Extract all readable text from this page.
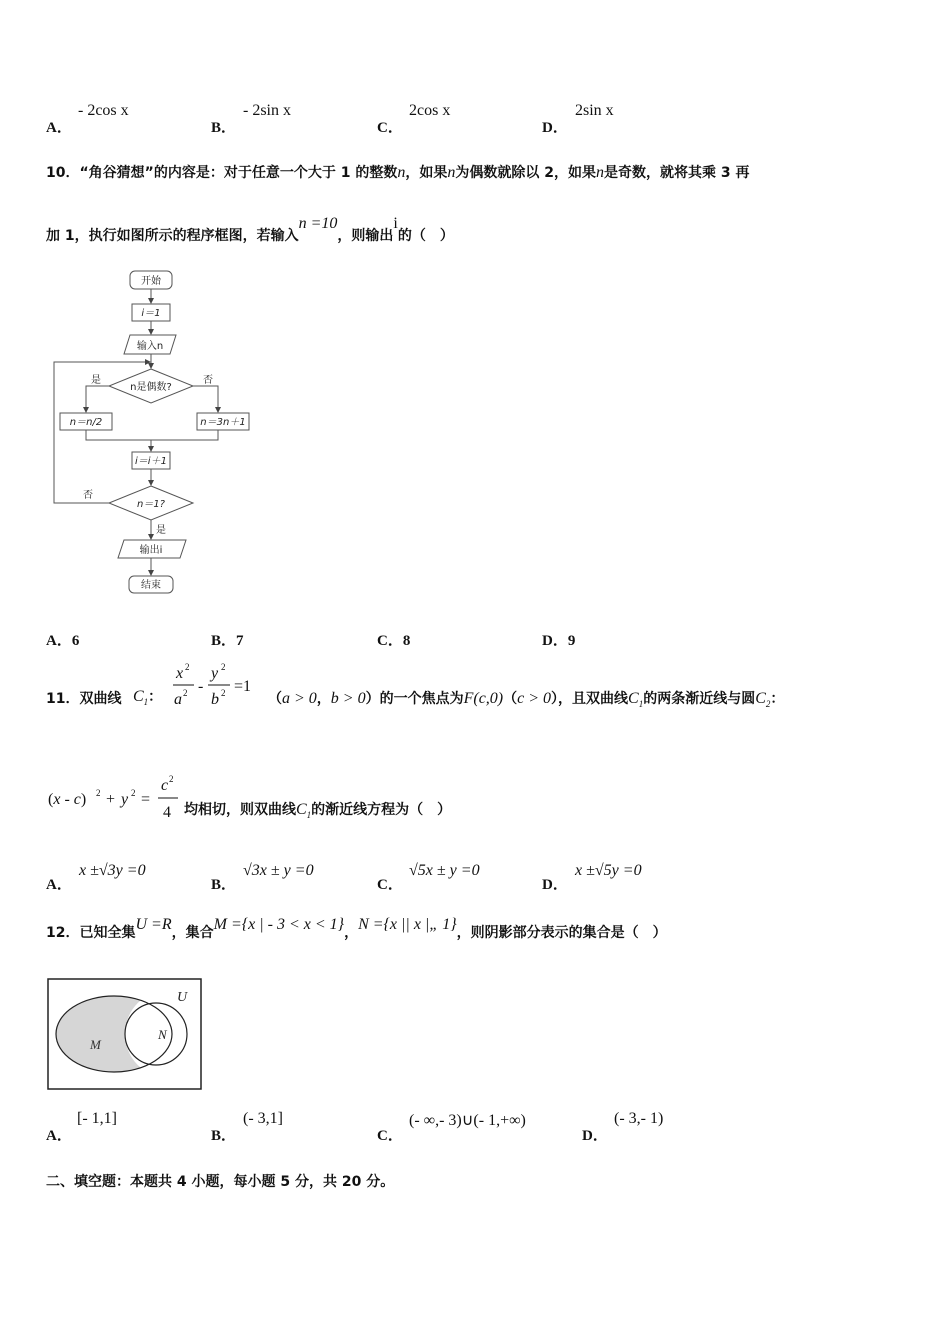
A．
- 2cos x
B．
- 2sin x
C．
2cos x
D．
2sin x
10．“角谷猜想”的内容是：对于任意一个大于 1 的整数n，如果n为偶数就除以 2，如果n是奇数，就将其乘 3 再
加 1，执行如图所示的程序框图，若输入n =10，则输出i的（　）
开始
i＝1
输入n
n是偶数?
是	否
n＝n/2	n＝3n＋1
i＝i＋1
n＝1?
否
是
输出i
结束
A．6	B．7	C．8	D．9
11．双曲线 $C_1$：
x 2
a 2 -
y 2
b 2 =1
（a > 0，b > 0）的一个焦点为F(c,0)（c > 0），且双曲线$C_1$的两条渐近线与圆$C_2$：
(x - c) 2 + y 2 =
c 2
4 均相切，则双曲线$C_1$的渐近线方程为（　）
A．
x ±√3y =0
B．
√3x ± y =0
C．
√5x ± y =0
D．
x ±√5y =0
12．已知全集U =R，集合M ={x | - 3 < x < 1}，N ={x || x |„ 1}，则阴影部分表示的集合是（　）
U
M
N
A．
[- 1,1]
B．
(- 3,1]
C．
(- ∞,- 3)∪(- 1,+∞)
D．
(- 3,- 1)
二、填空题：本题共 4 小题，每小题 5 分，共 20 分。
